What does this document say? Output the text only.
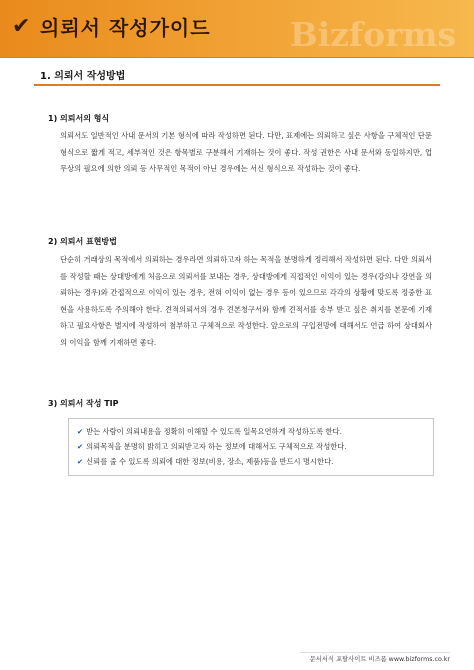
✔ 의뢰서 작성가이드 Bizforms
1. 의뢰서 작성방법
1) 의뢰서의 형식

의뢰서도 일반적인 사내 문서의 기본 형식에 따라 작성하면 된다. 다만, 표제에는 의뢰하고 싶은 사항을 구체적인 단문 형식으로 짧게 적고, 세부적인 것은 항목별로 구분해서 기재하는 것이 좋다. 작성 권한은 사내 문서와 동일하지만, 업무상의 필요에 의한 의뢰 등 사무적인 목적이 아닌 경우에는 서신 형식으로 작성하는 것이 좋다.

2) 의뢰서 표현방법

단순히 거래상의 목적에서 의뢰하는 경우라면 의뢰하고자 하는 목적을 분명하게 정리해서 작성하면 된다. 다만 의뢰서를 작성할 때는 상대방에게 처음으로 의뢰서를 보내는 경우, 상대방에게 직접적인 이익이 있는 경우(강의나 강연을 의뢰하는 경우)와 간접적으로 이익이 있는 경우, 전혀 이익이 없는 경우 등이 있으므로 각각의 상황에 맞도록 정중한 표현을 사용하도록 주의해야 한다. 견적의뢰서의 경우 견본청구서와 함께 견적서를 송부 받고 싶은 취지를 본문에 기재하고 필요사항은 별지에 작성하여 첨부하고 구체적으로 작성한다. 앞으로의 구입전망에 대해서도 언급 하여 상대회사의 이익을 함께 기재하면 좋다.

3) 의뢰서 작성 TIP
✔ 받는 사람이 의뢰내용을 정확히 이해할 수 있도록 일목요연하게 작성하도록 한다.
✔ 의뢰목적을 분명히 밝히고 의뢰받고자 하는 정보에 대해서도 구체적으로 작성한다.
✔ 신뢰를 줄 수 있도록 의뢰에 대한 정보(비용, 장소, 제품)등을 반드시 명시한다.
문서서식 포탈사이트 비즈폼 www.bizforms.co.kr
